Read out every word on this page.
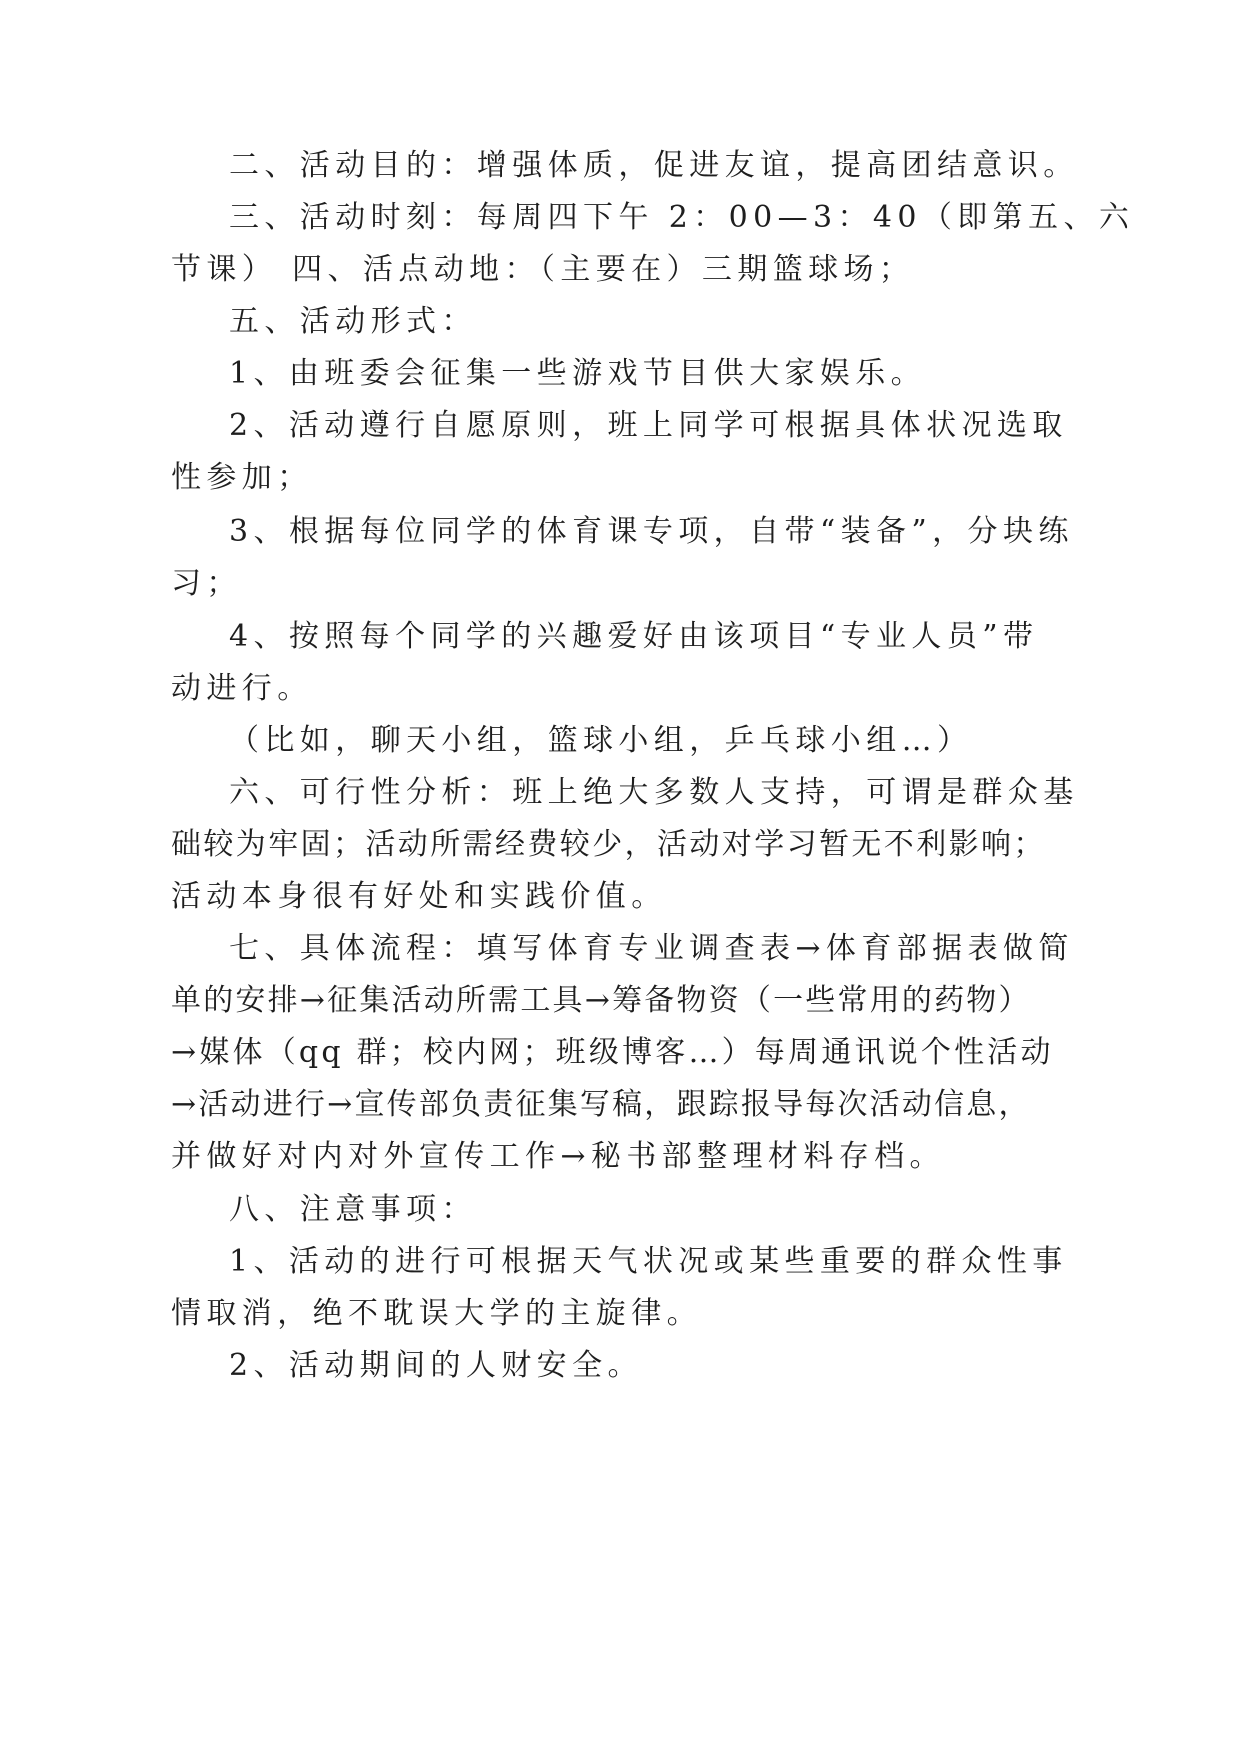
二、活动目的：增强体质，促进友谊，提高团结意识。
三、活动时刻：每周四下午 2：00—3：40（即第五、六
节课） 四、活点动地：（主要在）三期篮球场；
五、活动形式：
1、由班委会征集一些游戏节目供大家娱乐。
2、活动遵行自愿原则，班上同学可根据具体状况选取
性参加；
3、根据每位同学的体育课专项，自带“装备”，分块练
习；
4、按照每个同学的兴趣爱好由该项目“专业人员”带
动进行。
（比如，聊天小组，篮球小组，乒乓球小组…）
六、可行性分析：班上绝大多数人支持，可谓是群众基
础较为牢固；活动所需经费较少，活动对学习暂无不利影响；
活动本身很有好处和实践价值。
七、具体流程：填写体育专业调查表→体育部据表做简
单的安排→征集活动所需工具→筹备物资（一些常用的药物）
→媒体（qq 群；校内网；班级博客…）每周通讯说个性活动
→活动进行→宣传部负责征集写稿，跟踪报导每次活动信息，
并做好对内对外宣传工作→秘书部整理材料存档。
八、注意事项：
1、活动的进行可根据天气状况或某些重要的群众性事
情取消，绝不耽误大学的主旋律。
2、活动期间的人财安全。
